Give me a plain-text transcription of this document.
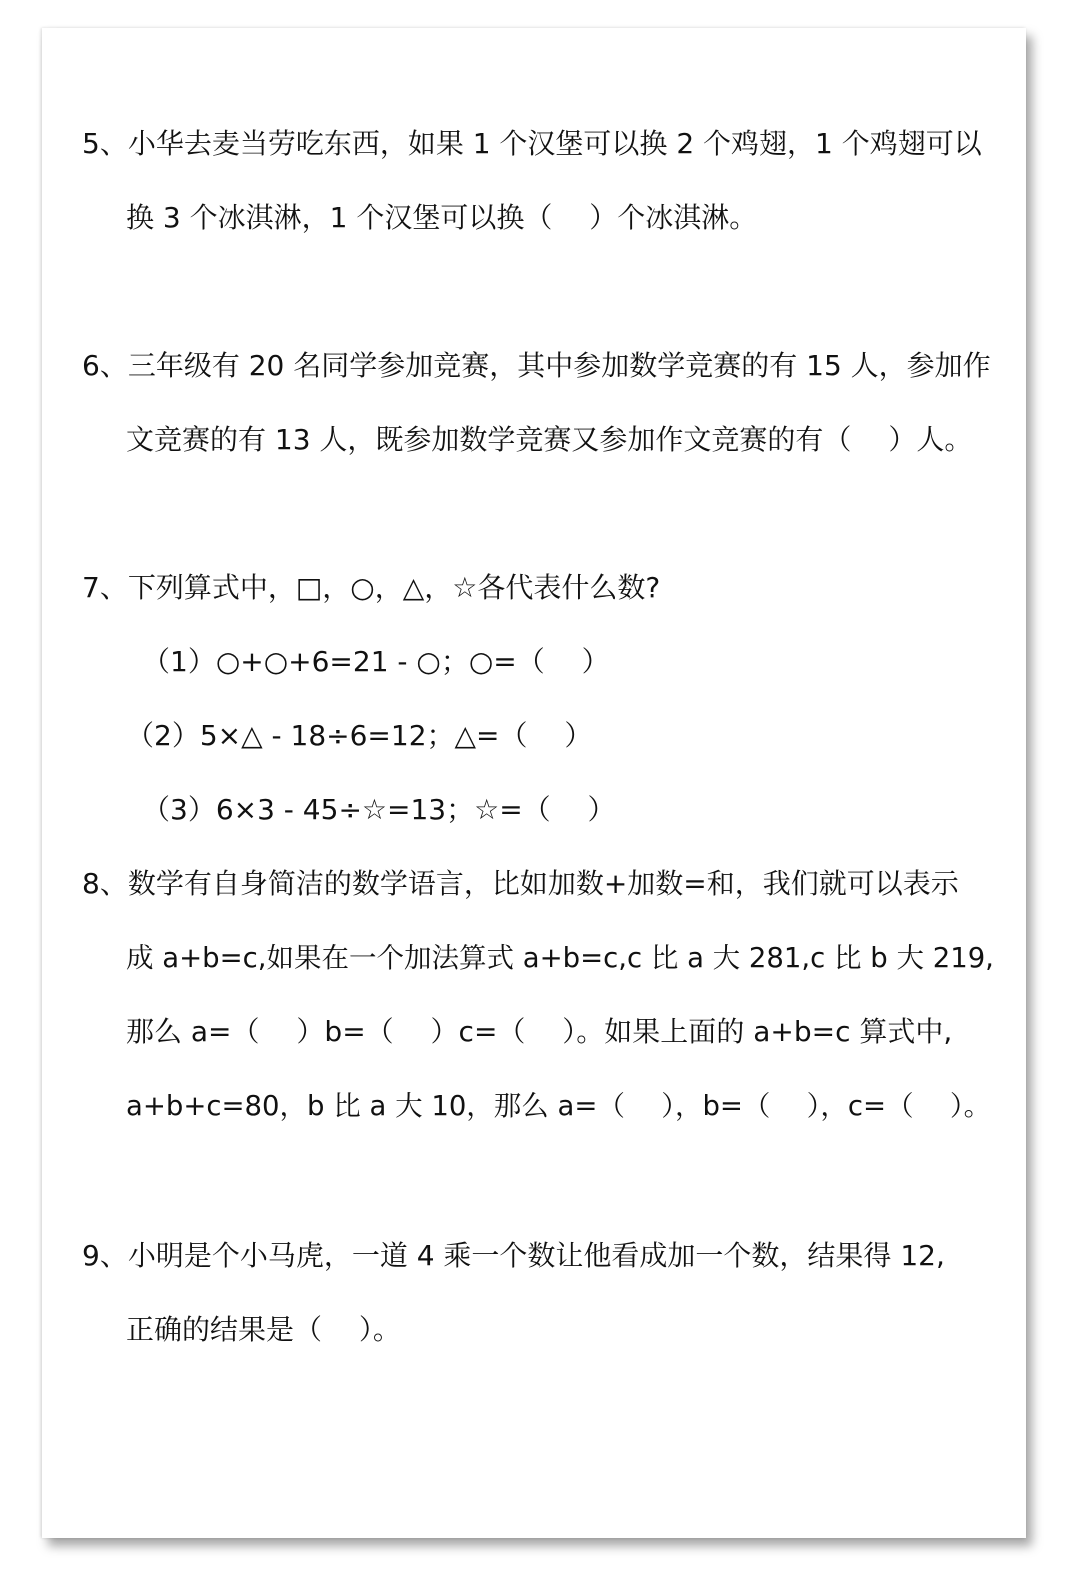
5、小华去麦当劳吃东西，如果 1 个汉堡可以换 2 个鸡翅，1 个鸡翅可以
换 3 个冰淇淋，1 个汉堡可以换（　 ）个冰淇淋。
6、三年级有 20 名同学参加竞赛，其中参加数学竞赛的有 15 人，参加作
文竞赛的有 13 人，既参加数学竞赛又参加作文竞赛的有（　 ）人。
7、下列算式中，□，○，△，☆各代表什么数?
（1）○+○+6=21 - ○；○=（　 ）
（2）5×△ - 18÷6=12；△=（　 ）
（3）6×3 - 45÷☆=13；☆=（　 ）
8、数学有自身简洁的数学语言，比如加数+加数=和，我们就可以表示
成 a+b=c,如果在一个加法算式 a+b=c,c 比 a 大 281,c 比 b 大 219,
那么 a=（　 ）b=（　 ）c=（　 ）。如果上面的 a+b=c 算式中,
a+b+c=80，b 比 a 大 10，那么 a=（　 ），b=（　 ），c=（　 ）。
9、小明是个小马虎，一道 4 乘一个数让他看成加一个数，结果得 12,
正确的结果是（　 ）。
